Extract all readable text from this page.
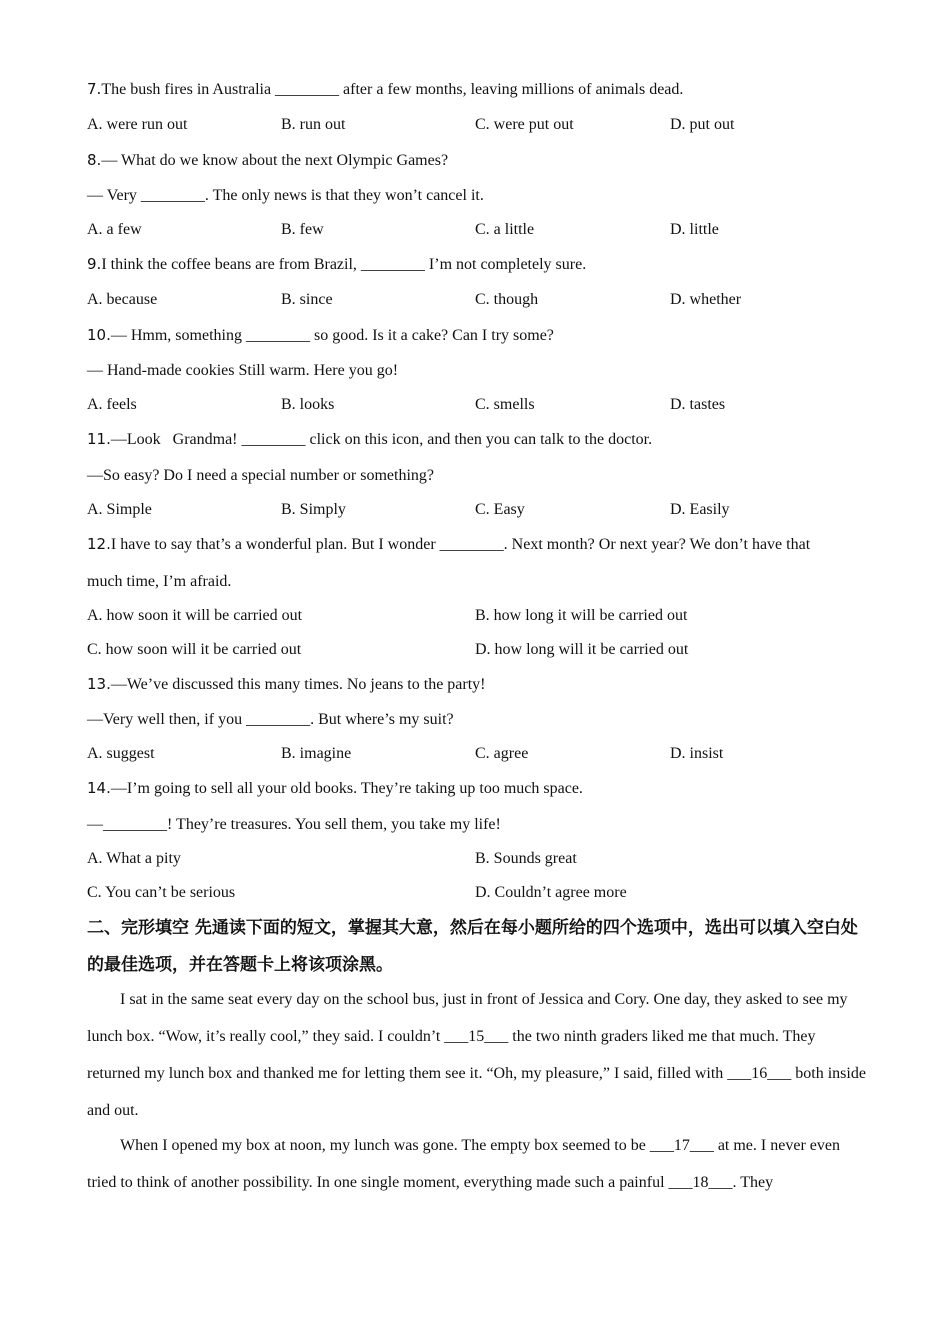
7.The bush fires in Australia ________ after a few months, leaving millions of animals dead.
A. were run out	B. run out	C. were put out	D. put out
8.— What do we know about the next Olympic Games?
— Very ________. The only news is that they won’t cancel it.
A. a few	B. few	C. a little	D. little
9.I think the coffee beans are from Brazil, ________ I’m not completely sure.
A. because	B. since	C. though	D. whether
10.— Hmm, something ________ so good. Is it a cake? Can I try some?
— Hand-made cookies Still warm. Here you go!
A. feels	B. looks	C. smells	D. tastes
11.—Look   Grandma! ________ click on this icon, and then you can talk to the doctor.
—So easy? Do I need a special number or something?
A. Simple	B. Simply	C. Easy	D. Easily
12.I have to say that’s a wonderful plan. But I wonder ________. Next month? Or next year? We don’t have that
much time, I’m afraid.
A. how soon it will be carried out	B. how long it will be carried out
C. how soon will it be carried out	D. how long will it be carried out
13.—We’ve discussed this many times. No jeans to the party!
—Very well then, if you ________. But where’s my suit?
A. suggest	B. imagine	C. agree	D. insist
14.—I’m going to sell all your old books. They’re taking up too much space.
—________! They’re treasures. You sell them, you take my life!
A. What a pity	B. Sounds great
C. You can’t be serious	D. Couldn’t agree more
二、完形填空 先通读下面的短文，掌握其大意，然后在每小题所给的四个选项中，选出可以填入空白处的最佳选项，并在答题卡上将该项涂黑。
I sat in the same seat every day on the school bus, just in front of Jessica and Cory. One day, they asked to see my lunch box. “Wow, it’s really cool,” they said. I couldn’t ___15___ the two ninth graders liked me that much. They returned my lunch box and thanked me for letting them see it. “Oh, my pleasure,” I said, filled with ___16___ both inside and out.
When I opened my box at noon, my lunch was gone. The empty box seemed to be ___17___ at me. I never even tried to think of another possibility. In one single moment, everything made such a painful ___18___. They
